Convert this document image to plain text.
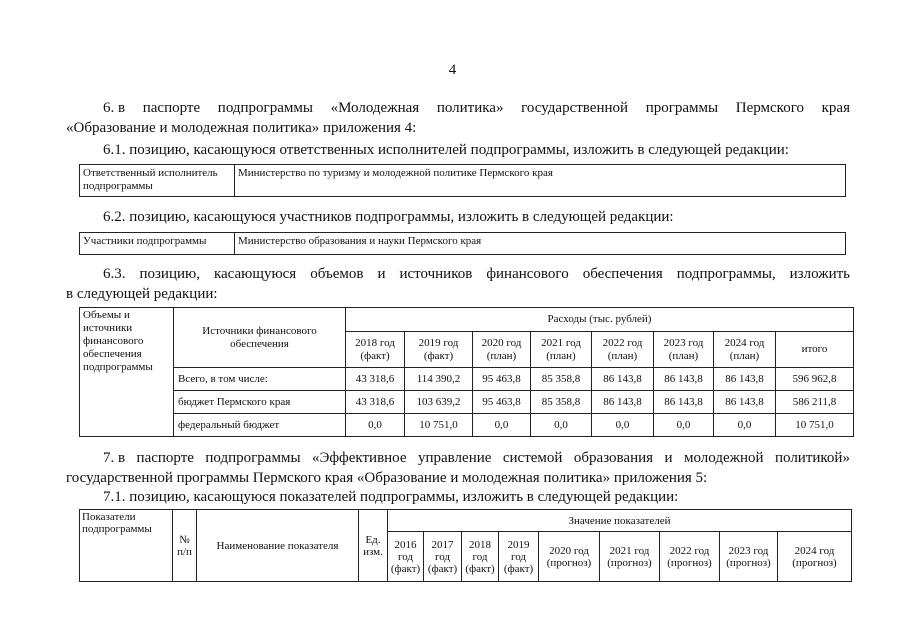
4
6. в паспорте подпрограммы «Молодежная политика» государственной программы Пермского края
«Образование и молодежная политика» приложения 4:
6.1. позицию, касающуюся ответственных исполнителей подпрограммы, изложить в следующей редакции:
Ответственный исполнитель подпрограммы	Министерство по туризму и молодежной политике Пермского края
6.2. позицию, касающуюся участников подпрограммы, изложить в следующей редакции:
Участники подпрограммы	Министерство образования и науки Пермского края
6.3. позицию, касающуюся объемов и источников финансового обеспечения подпрограммы, изложить
в следующей редакции:
Объемы и источники финансового обеспечения подпрограммы	Источники финансового обеспечения	Расходы (тыс. рублей)							
		2018 год (факт)	2019 год (факт)	2020 год (план)	2021 год (план)	2022 год (план)	2023 год (план)	2024 год (план)	итого
	Всего, в том числе:	43 318,6	114 390,2	95 463,8	85 358,8	86 143,8	86 143,8	86 143,8	596 962,8
	бюджет Пермского края	43 318,6	103 639,2	95 463,8	85 358,8	86 143,8	86 143,8	86 143,8	586 211,8
	федеральный бюджет	0,0	10 751,0	0,0	0,0	0,0	0,0	0,0	10 751,0
7. в паспорте подпрограммы «Эффективное управление системой образования и молодежной политикой»
государственной программы Пермского края «Образование и молодежная политика» приложения 5:
7.1. позицию, касающуюся показателей подпрограммы, изложить в следующей редакции:
Показатели подпрограммы	№ п/п	Наименование показателя	Ед. изм.	Значение показателей								
				2016 год (факт)	2017 год (факт)	2018 год (факт)	2019 год (факт)	2020 год (прогноз)	2021 год (прогноз)	2022 год (прогноз)	2023 год (прогноз)	2024 год (прогноз)
